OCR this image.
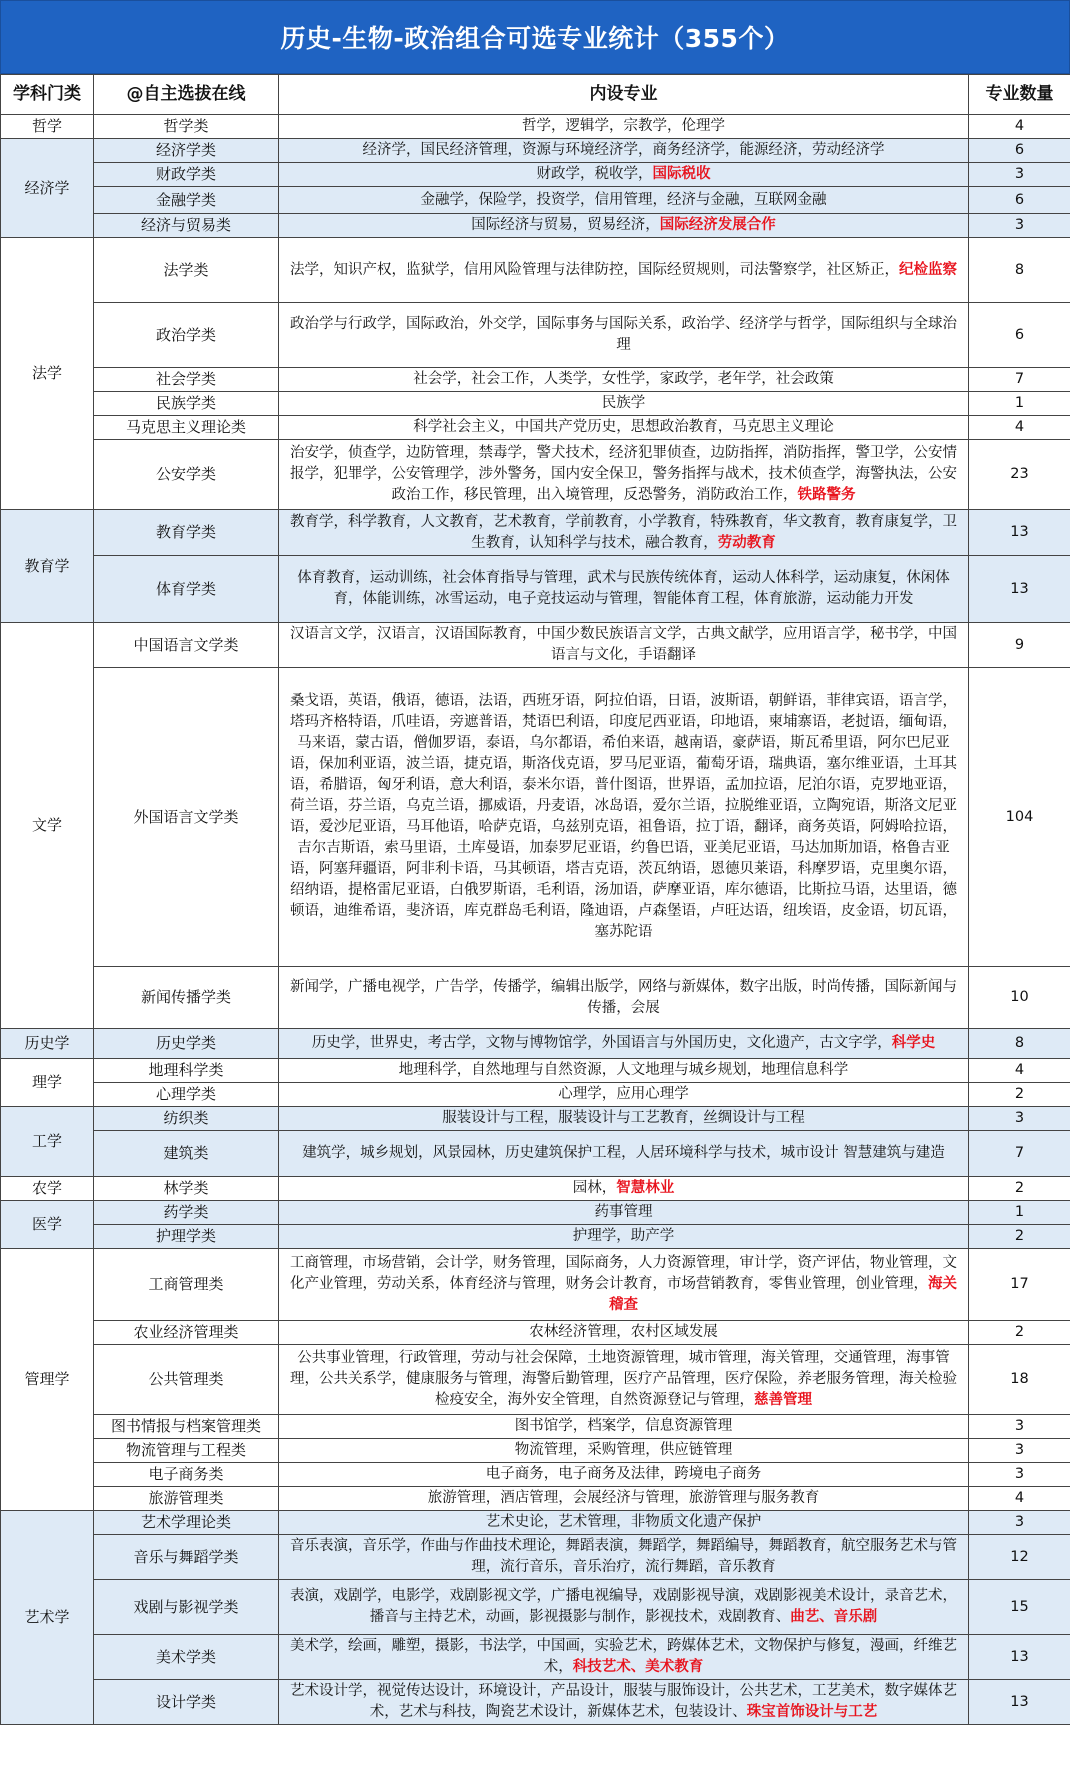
历史-生物-政治组合可选专业统计（355个）
学科门类	@自主选拔在线	内设专业	专业数量
哲学	哲学类	哲学，逻辑学，宗教学，伦理学	4
经济学	经济学类	经济学，国民经济管理，资源与环境经济学，商务经济学，能源经济，劳动经济学	6
	财政学类	财政学，税收学，国际税收	3
	金融学类	金融学，保险学，投资学，信用管理，经济与金融，互联网金融	6
	经济与贸易类	国际经济与贸易，贸易经济，国际经济发展合作	3
法学	法学类	法学，知识产权，监狱学，信用风险管理与法律防控，国际经贸规则，司法警察学，社区矫正，纪检监察	8
	政治学类	政治学与行政学，国际政治，外交学，国际事务与国际关系，政治学、经济学与哲学，国际组织与全球治理	6
	社会学类	社会学，社会工作，人类学，女性学，家政学，老年学，社会政策	7
	民族学类	民族学	1
	马克思主义理论类	科学社会主义，中国共产党历史，思想政治教育，马克思主义理论	4
	公安学类	治安学，侦查学，边防管理，禁毒学，警犬技术，经济犯罪侦查，边防指挥，消防指挥，警卫学，公安情报学，犯罪学，公安管理学，涉外警务，国内安全保卫，警务指挥与战术，技术侦查学，海警执法，公安政治工作，移民管理，出入境管理，反恐警务，消防政治工作，铁路警务	23
教育学	教育学类	教育学，科学教育，人文教育，艺术教育，学前教育，小学教育，特殊教育，华文教育，教育康复学，卫生教育，认知科学与技术，融合教育，劳动教育	13
	体育学类	体育教育，运动训练，社会体育指导与管理，武术与民族传统体育，运动人体科学，运动康复，休闲体育，体能训练，冰雪运动，电子竞技运动与管理，智能体育工程，体育旅游，运动能力开发	13
文学	中国语言文学类	汉语言文学，汉语言，汉语国际教育，中国少数民族语言文学，古典文献学，应用语言学，秘书学，中国语言与文化，手语翻译	9
	外国语言文学类	桑戈语，英语，俄语，德语，法语，西班牙语，阿拉伯语，日语，波斯语，朝鲜语，菲律宾语，语言学，塔玛齐格特语，爪哇语，旁遮普语，梵语巴利语，印度尼西亚语，印地语，柬埔寨语，老挝语，缅甸语，马来语，蒙古语，僧伽罗语，泰语，乌尔都语，希伯来语，越南语，豪萨语，斯瓦希里语，阿尔巴尼亚语，保加利亚语，波兰语，捷克语，斯洛伐克语，罗马尼亚语，葡萄牙语，瑞典语，塞尔维亚语，土耳其语，希腊语，匈牙利语，意大利语，泰米尔语，普什图语，世界语，孟加拉语，尼泊尔语，克罗地亚语，荷兰语，芬兰语，乌克兰语，挪威语，丹麦语，冰岛语，爱尔兰语，拉脱维亚语，立陶宛语，斯洛文尼亚语，爱沙尼亚语，马耳他语，哈萨克语，乌兹别克语，祖鲁语，拉丁语，翻译，商务英语，阿姆哈拉语，吉尔吉斯语，索马里语，土库曼语，加泰罗尼亚语，约鲁巴语，亚美尼亚语，马达加斯加语，格鲁吉亚语，阿塞拜疆语，阿非利卡语，马其顿语，塔吉克语，茨瓦纳语，恩德贝莱语，科摩罗语，克里奥尔语，绍纳语，提格雷尼亚语，白俄罗斯语，毛利语，汤加语，萨摩亚语，库尔德语，比斯拉马语，达里语，德顿语，迪维希语，斐济语，库克群岛毛利语，隆迪语，卢森堡语，卢旺达语，纽埃语，皮金语，切瓦语，塞苏陀语	104
	新闻传播学类	新闻学，广播电视学，广告学，传播学，编辑出版学，网络与新媒体，数字出版，时尚传播，国际新闻与传播，会展	10
历史学	历史学类	历史学，世界史，考古学，文物与博物馆学，外国语言与外国历史，文化遗产，古文字学，科学史	8
理学	地理科学类	地理科学，自然地理与自然资源，人文地理与城乡规划，地理信息科学	4
	心理学类	心理学，应用心理学	2
工学	纺织类	服装设计与工程，服装设计与工艺教育，丝绸设计与工程	3
	建筑类	建筑学，城乡规划，风景园林，历史建筑保护工程，人居环境科学与技术，城市设计 智慧建筑与建造	7
农学	林学类	园林，智慧林业	2
医学	药学类	药事管理	1
	护理学类	护理学，助产学	2
管理学	工商管理类	工商管理，市场营销，会计学，财务管理，国际商务，人力资源管理，审计学，资产评估，物业管理，文化产业管理，劳动关系，体育经济与管理，财务会计教育，市场营销教育，零售业管理，创业管理，海关稽查	17
	农业经济管理类	农林经济管理，农村区域发展	2
	公共管理类	公共事业管理，行政管理，劳动与社会保障，土地资源管理，城市管理，海关管理，交通管理，海事管理，公共关系学，健康服务与管理，海警后勤管理，医疗产品管理，医疗保险，养老服务管理，海关检验检疫安全，海外安全管理，自然资源登记与管理，慈善管理	18
	图书情报与档案管理类	图书馆学，档案学，信息资源管理	3
	物流管理与工程类	物流管理，采购管理，供应链管理	3
	电子商务类	电子商务，电子商务及法律，跨境电子商务	3
	旅游管理类	旅游管理，酒店管理，会展经济与管理，旅游管理与服务教育	4
艺术学	艺术学理论类	艺术史论，艺术管理，非物质文化遗产保护	3
	音乐与舞蹈学类	音乐表演，音乐学，作曲与作曲技术理论，舞蹈表演，舞蹈学，舞蹈编导，舞蹈教育，航空服务艺术与管理，流行音乐，音乐治疗，流行舞蹈，音乐教育	12
	戏剧与影视学类	表演，戏剧学，电影学，戏剧影视文学，广播电视编导，戏剧影视导演，戏剧影视美术设计，录音艺术，播音与主持艺术，动画，影视摄影与制作，影视技术，戏剧教育、曲艺、音乐剧	15
	美术学类	美术学，绘画，雕塑，摄影，书法学，中国画，实验艺术，跨媒体艺术，文物保护与修复，漫画，纤维艺术，科技艺术、美术教育	13
	设计学类	艺术设计学，视觉传达设计，环境设计，产品设计，服装与服饰设计，公共艺术，工艺美术，数字媒体艺术，艺术与科技，陶瓷艺术设计，新媒体艺术，包装设计、珠宝首饰设计与工艺	13
